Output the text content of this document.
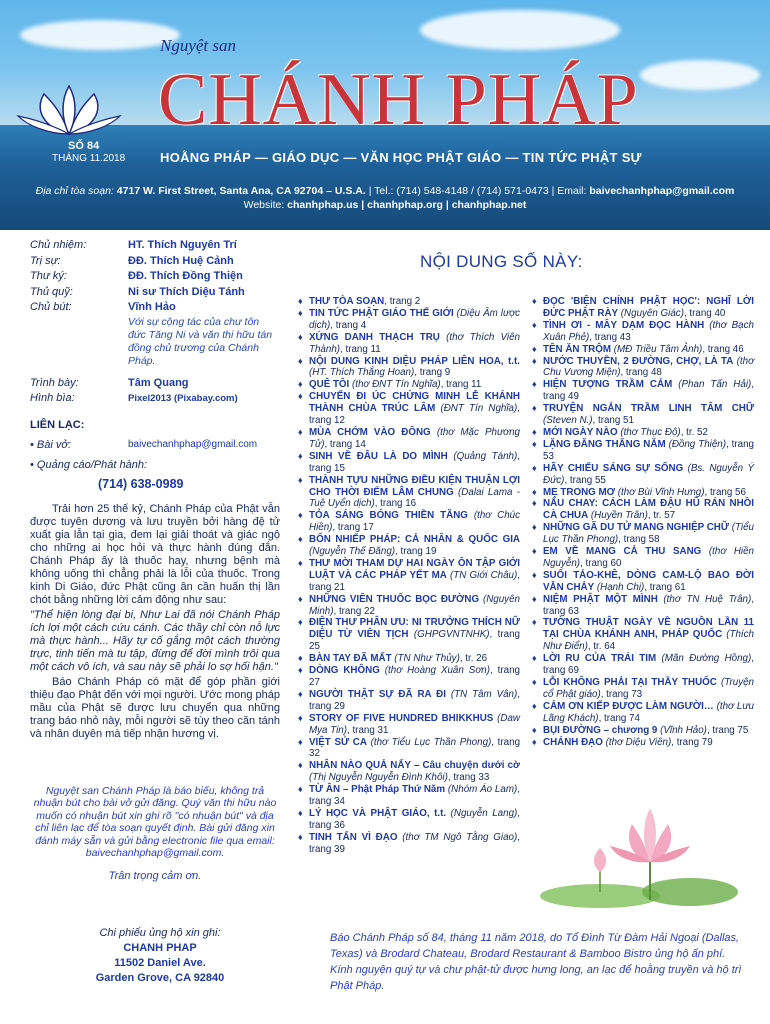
Nguyệt san
CHÁNH PHÁP
SỐ 84
THÁNG 11.2018	HOẰNG PHÁP — GIÁO DỤC — VĂN HỌC PHẬT GIÁO — TIN TỨC PHẬT SỰ
Địa chỉ tòa soạn: 4717 W. First Street, Santa Ana, CA 92704 – U.S.A. | Tel.: (714) 548-4148 / (714) 571-0473 | Email: baivechanhphap@gmail.com
Website: chanhphap.us | chanhphap.org | chanhphap.net
Chủ nhiệm:	HT. Thích Nguyên Trí
Trị sự:	ĐĐ. Thích Huệ Cảnh
Thư ký:	ĐĐ. Thích Đồng Thiện
Thủ quỹ:	Ni sư Thích Diệu Tánh
Chủ bút:	Vĩnh Hảo
Với sự cộng tác của chư tôn đức Tăng Ni và văn thi hữu tán đồng chủ trương của Chánh Pháp.
Trình bày:	Tâm Quang
Hình bìa:	Pixel2013 (Pixabay.com)
LIÊN LẠC:
• Bài vở:	baivechanhphap@gmail.com
• Quảng cáo/Phát hành:
(714) 638-0989

Trải hơn 25 thế kỷ, Chánh Pháp của Phật vẫn được tuyên dương và lưu truyền bởi hàng đệ tử xuất gia lẫn tại gia, đem lại giải thoát và giác ngộ cho những ai học hỏi và thực hành đúng đắn. Chánh Pháp ấy là thuốc hay, nhưng bệnh mà không uống thì chẳng phải là lỗi của thuốc. Trong kinh Di Giáo, đức Phật cũng ân cần huấn thị lần chót bằng những lời cảm động như sau:

"Thể hiện lòng đại bi, Như Lai đã nói Chánh Pháp ích lợi một cách cứu cánh. Các thầy chỉ còn nỗ lực mà thực hành... Hãy tự cố gắng một cách thường trực, tinh tiến mà tu tập, đừng để đời mình trôi qua một cách vô ích, và sau này sẽ phải lo sợ hối hận."

Báo Chánh Pháp có mặt để góp phần giới thiệu đạo Phật đến với mọi người. Ước mong pháp mầu của Phật sẽ được lưu chuyển qua những trang báo nhỏ này, mỗi người sẽ tùy theo căn tánh và nhân duyên mà tiếp nhận hương vị.

Nguyệt san Chánh Pháp là báo biếu, không trả nhuận bút cho bài vở gửi đăng. Quý văn thi hữu nào muốn có nhuận bút xin ghi rõ "có nhuận bút" và địa chỉ liên lạc để tòa soạn quyết định. Bài gửi đăng xin đánh máy sẵn và gửi bằng electronic file qua email: baivechanhphap@gmail.com.
Trân trọng cảm ơn.
Chi phiếu ủng hộ xin ghi:
CHANH PHAP
11502 Daniel Ave.
Garden Grove, CA 92840
NỘI DUNG SỐ NÀY:
♦ THƯ TÒA SOẠN, trang 2
♦ TIN TỨC PHẬT GIÁO THẾ GIỚI (Diệu Âm lược dịch), trang 4
♦ XỨNG DANH THẠCH TRỤ (thơ Thích Viên Thành), trang 11
♦ NỘI DUNG KINH DIỆU PHÁP LIÊN HOA, t.t. (HT. Thích Thắng Hoan), trang 9
♦ QUÊ TÔI (thơ ĐNT Tín Nghĩa), trang 11
♦ CHUYẾN ĐI ÚC CHỨNG MINH LỄ KHÁNH THÀNH CHÙA TRÚC LÂM (ĐNT Tín Nghĩa), trang 12
♦ MÙA CHỚM VÀO ĐÔNG (thơ Mặc Phương Tử), trang 14
♦ SINH VỀ ĐÂU LÀ DO MÌNH (Quảng Tánh), trang 15
♦ THÀNH TỰU NHỮNG ĐIỀU KIỆN THUẬN LỢI CHO THỜI ĐIỂM LÂM CHUNG (Dalai Lama - Tuệ Uyển dịch), trang 16
♦ TỎA SÁNG BÓNG THIỀN TĂNG (thơ Chúc Hiền), trang 17
♦ BỐN NHIẾP PHÁP: CẢ NHÂN & QUỐC GIA (Nguyễn Thế Đăng), trang 19
♦ THƯ MỜI THAM DỰ HAI NGÀY ÔN TẬP GIỚI LUẬT VÀ CÁC PHÁP YẾT MA (TN Giới Châu), trang 21
♦ NHỮNG VIÊN THUỐC BỌC ĐƯỜNG (Nguyên Minh), trang 22
♦ ĐIỆN THƯ PHÂN ƯU: NI TRƯỞNG THÍCH NỮ DIỆU TỪ VIÊN TỊCH (GHPGVNTNHK), trang 25
♦ BÀN TAY ĐÃ MẤT (TN Như Thủy), tr. 26
♦ DÒNG KHÔNG (thơ Hoàng Xuân Sơn), trang 27
♦ NGƯỜI THẬT SỰ ĐÃ RA ĐI (TN Tâm Vân), trang 29
♦ STORY OF FIVE HUNDRED BHIKKHUS (Daw Mya Tin), trang 31
♦ VIỆT SỬ CA (thơ Tiểu Lục Thần Phong), trang 32
♦ NHÂN NÀO QUẢ NẤY – Câu chuyện dưới cờ (Thị Nguyễn Nguyễn Đình Khôi), trang 33
♦ TỪ ÂN – Phật Pháp Thứ Năm (Nhóm Áo Lam), trang 34
♦ LÝ HỌC VÀ PHẬT GIÁO, t.t. (Nguyễn Lang), trang 36
♦ TINH TẤN VÌ ĐẠO (thơ TM Ngô Tằng Giao), trang 39
♦ ĐỌC 'BIỆN CHÍNH PHẬT HỌC': NGHĨ LỜI ĐỨC PHẬT RÀY (Nguyên Giác), trang 40
♦ TÌNH ƠI - MÂY DẠM ĐỌC HÀNH (thơ Bạch Xuân Phẻ), trang 43
♦ TÊN ĂN TRỘM (MĐ Triều Tâm Ảnh), trang 46
♦ NƯỚC THUYỀN, 2 ĐƯỜNG, CHỢ, LÀ TA (thơ Chu Vương Miện), trang 48
♦ HIỆN TƯỢNG TRẦM CẢM (Phan Tấn Hải), trang 49
♦ TRUYỆN NGẮN TRẦM LINH TÂM CHỮ (Steven N.), trang 51
♦ MỚI NGÀY NÀO (thơ Thục Độ), tr. 52
♦ LẶNG ĐĂNG THĂNG NĂM (Đồng Thiện), trang 53
♦ HÃY CHIẾU SÁNG SỰ SỐNG (Bs. Nguyễn Ý Đức), trang 55
♦ MẸ TRONG MƠ (thơ Bùi Vĩnh Hưng), trang 56
♦ NẤU CHAY: CÁCH LÀM ĐẬU HŨ RÁN NHỒI CÀ CHUA (Huyền Trân), tr. 57
♦ NHỮNG GÃ DU TỬ MANG NGHIỆP CHỮ (Tiểu Lục Thần Phong), trang 58
♦ EM VỀ MANG CẢ THU SANG (thơ Hiền Nguyễn), trang 60
♦ SUỐI TẢO-KHÊ, DÒNG CAM-LỘ BAO ĐỜI VẪN CHẢY (Hạnh Chi), trang 61
♦ NIỆM PHẬT MỘT MÌNH (thơ TN Huệ Trân), trang 63
♦ TƯỜNG THUẬT NGÀY VỀ NGUỒN LẦN 11 TẠI CHÙA KHÁNH ANH, PHÁP QUỐC (Thích Như Điển), tr. 64
♦ LỜI RU CỦA TRÁI TIM (Mãn Đường Hồng), trang 69
♦ LỖI KHÔNG PHẢI TẠI THẦY THUỐC (Truyện cổ Phật giáo), trang 73
♦ CẢM ƠN KIẾP ĐƯỢC LÀM NGƯỜI… (thơ Lưu Lãng Khách), trang 74
♦ BỤI ĐƯỜNG – chương 9 (Vĩnh Hảo), trang 75
♦ CHÁNH ĐẠO (thơ Diệu Viên), trang 79
Báo Chánh Pháp số 84, tháng 11 năm 2018, do Tổ Đình Từ Đàm Hải Ngoại (Dallas, Texas) và Brodard Chateau, Brodard Restaurant & Bamboo Bistro ủng hộ ấn phí. Kính nguyện quý tự và chư phật-tử được hưng long, an lạc để hoằng truyền và hộ trì Phật Pháp.
